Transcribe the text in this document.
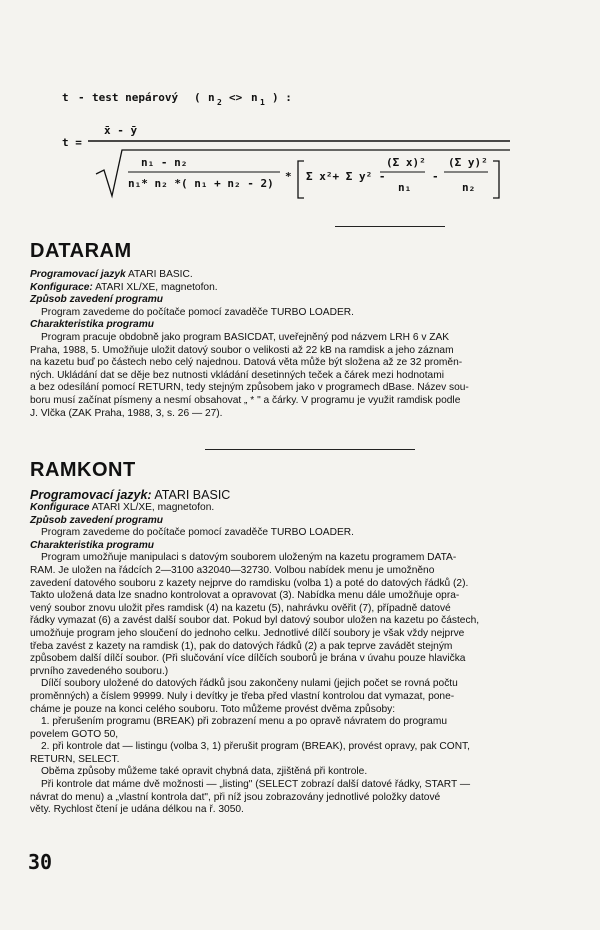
t - test nepárový ( n 2 <> n 1 ) :
t =
x̄ - ȳ
n₁ - n₂
n₁* n₂ *( n₁ + n₂ - 2)
* Σ x²+ Σ y² -
(Σ x)²
n₁
-
(Σ y)²
n₂
DATARAM

Programovací jazyk ATARI BASIC.

Konfigurace: ATARI XL/XE, magnetofon.

Způsob zavedení programu

Program zavedeme do počítače pomocí zavaděče TURBO LOADER.

Charakteristika programu

Program pracuje obdobně jako program BASICDAT, uveřejněný pod názvem LRH 6 v ZAK

Praha, 1988, 5. Umožňuje uložit datový soubor o velikosti až 22 kB na ramdisk a jeho záznam

na kazetu buď po částech nebo celý najednou. Datová věta může být složena až ze 32 proměn-

ných. Ukládání dat se děje bez nutnosti vkládání desetinných teček a čárek mezi hodnotami

a bez odesílání pomocí RETURN, tedy stejným způsobem jako v programech dBase. Název sou-

boru musí začínat písmeny a nesmí obsahovat „ * " a čárky. V programu je využit ramdisk podle

J. Vlčka (ZAK Praha, 1988, 3, s. 26 — 27).

RAMKONT

Programovací jazyk: ATARI BASIC

Konfigurace ATARI XL/XE, magnetofon.

Způsob zavedení programu

Program zavedeme do počítače pomocí zavaděče TURBO LOADER.

Charakteristika programu

Program umožňuje manipulaci s datovým souborem uloženým na kazetu programem DATA-

RAM. Je uložen na řádcích 2—3100 a32040—32730. Volbou nabídek menu je umožněno

zavedení datového souboru z kazety nejprve do ramdisku (volba 1) a poté do datových řádků (2).

Takto uložená data lze snadno kontrolovat a opravovat (3). Nabídka menu dále umožňuje opra-

vený soubor znovu uložit přes ramdisk (4) na kazetu (5), nahrávku ověřit (7), případně datové

řádky vymazat (6) a zavést další soubor dat. Pokud byl datový soubor uložen na kazetu po částech,

umožňuje program jeho sloučení do jednoho celku. Jednotlivé dílčí soubory je však vždy nejprve

třeba zavést z kazety na ramdisk (1), pak do datových řádků (2) a pak teprve zavádět stejným

způsobem další dílčí soubor. (Při slučování více dílčích souborů je brána v úvahu pouze hlavička

prvního zavedeného souboru.)

Dílčí soubory uložené do datových řádků jsou zakončeny nulami (jejich počet se rovná počtu

proměnných) a číslem 99999. Nuly i devítky je třeba před vlastní kontrolou dat vymazat, pone-

cháme je pouze na konci celého souboru. Toto můžeme provést dvěma způsoby:

1. přerušením programu (BREAK) při zobrazení menu a po opravě návratem do programu

povelem GOTO 50,

2. při kontrole dat — listingu (volba 3, 1) přerušit program (BREAK), provést opravy, pak CONT,

RETURN, SELECT.

Oběma způsoby můžeme také opravit chybná data, zjištěná při kontrole.

Při kontrole dat máme dvě možnosti — „listing" (SELECT zobrazí další datové řádky, START —

návrat do menu) a „vlastní kontrola dat", při níž jsou zobrazovány jednotlivé položky datové

věty. Rychlost čtení je udána délkou na ř. 3050.

30
